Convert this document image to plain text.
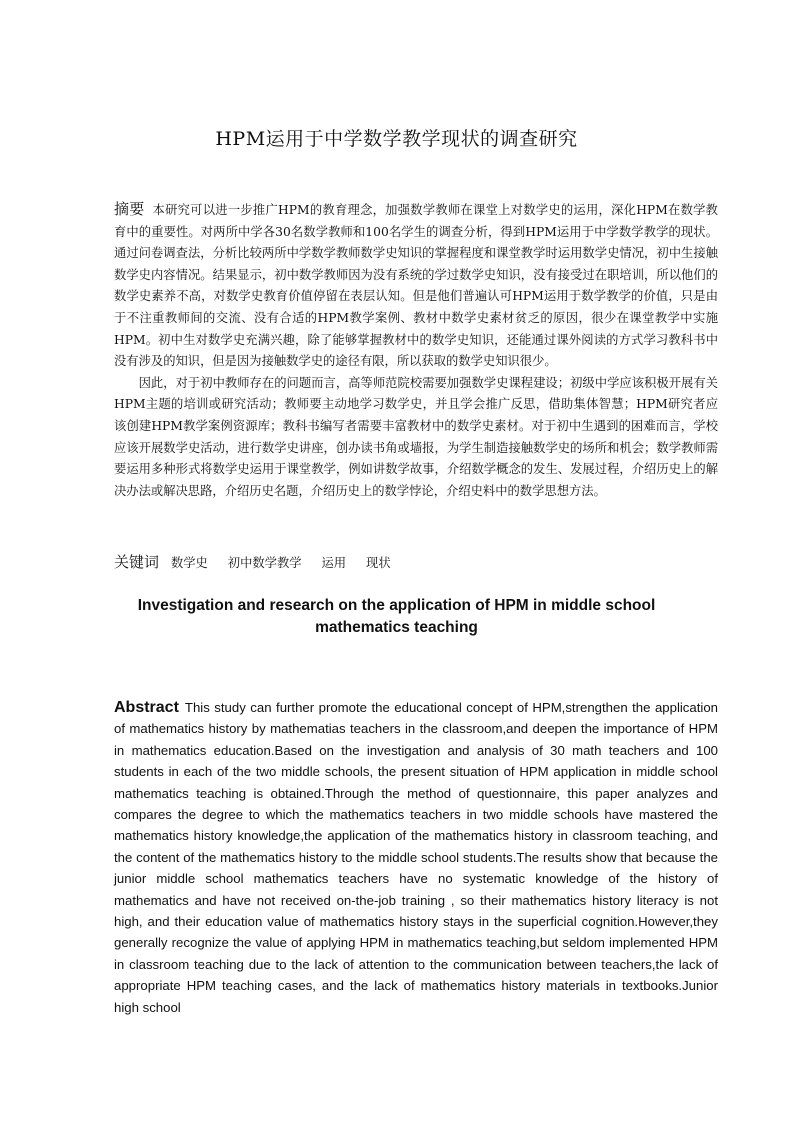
HPM运用于中学数学教学现状的调查研究

摘要 本研究可以进一步推广HPM的教育理念，加强数学教师在课堂上对数学史的运用，深化HPM在数学教育中的重要性。对两所中学各30名数学教师和100名学生的调查分析，得到HPM运用于中学数学教学的现状。通过问卷调查法，分析比较两所中学数学教师数学史知识的掌握程度和课堂教学时运用数学史情况，初中生接触数学史内容情况。结果显示，初中数学教师因为没有系统的学过数学史知识，没有接受过在职培训，所以他们的数学史素养不高，对数学史教育价值停留在表层认知。但是他们普遍认可HPM运用于数学教学的价值，只是由于不注重教师间的交流、没有合适的HPM教学案例、教材中数学史素材贫乏的原因，很少在课堂教学中实施HPM。初中生对数学史充满兴趣，除了能够掌握教材中的数学史知识，还能通过课外阅读的方式学习教科书中没有涉及的知识，但是因为接触数学史的途径有限，所以获取的数学史知识很少。

因此，对于初中教师存在的问题而言，高等师范院校需要加强数学史课程建设；初级中学应该积极开展有关HPM主题的培训或研究活动；教师要主动地学习数学史，并且学会推广反思，借助集体智慧；HPM研究者应该创建HPM教学案例资源库；教科书编写者需要丰富教材中的数学史素材。对于初中生遇到的困难而言，学校应该开展数学史活动，进行数学史讲座，创办读书角或墙报，为学生制造接触数学史的场所和机会；数学教师需要运用多种形式将数学史运用于课堂教学，例如讲数学故事，介绍数学概念的发生、发展过程，介绍历史上的解决办法或解决思路，介绍历史名题，介绍历史上的数学悖论，介绍史料中的数学思想方法。

关键词 数学史 初中数学教学 运用 现状
Investigation and research on the application of HPM in middle school mathematics teaching

Abstract This study can further promote the educational concept of HPM,strengthen the application of mathematics history by mathematias teachers in the classroom,and deepen the importance of HPM in mathematics education.Based on the investigation and analysis of 30 math teachers and 100 students in each of the two middle schools, the present situation of HPM application in middle school mathematics teaching is obtained.Through the method of questionnaire, this paper analyzes and compares the degree to which the mathematics teachers in two middle schools have mastered the mathematics history knowledge,the application of the mathematics history in classroom teaching, and the content of the mathematics history to the middle school students.The results show that because the junior middle school mathematics teachers have no systematic knowledge of the history of mathematics and have not received on-the-job training , so their mathematics history literacy is not high, and their education value of mathematics history stays in the superficial cognition.However,they generally recognize the value of applying HPM in mathematics teaching,but seldom implemented HPM in classroom teaching due to the lack of attention to the communication between teachers,the lack of appropriate HPM teaching cases, and the lack of mathematics history materials in textbooks.Junior high school
